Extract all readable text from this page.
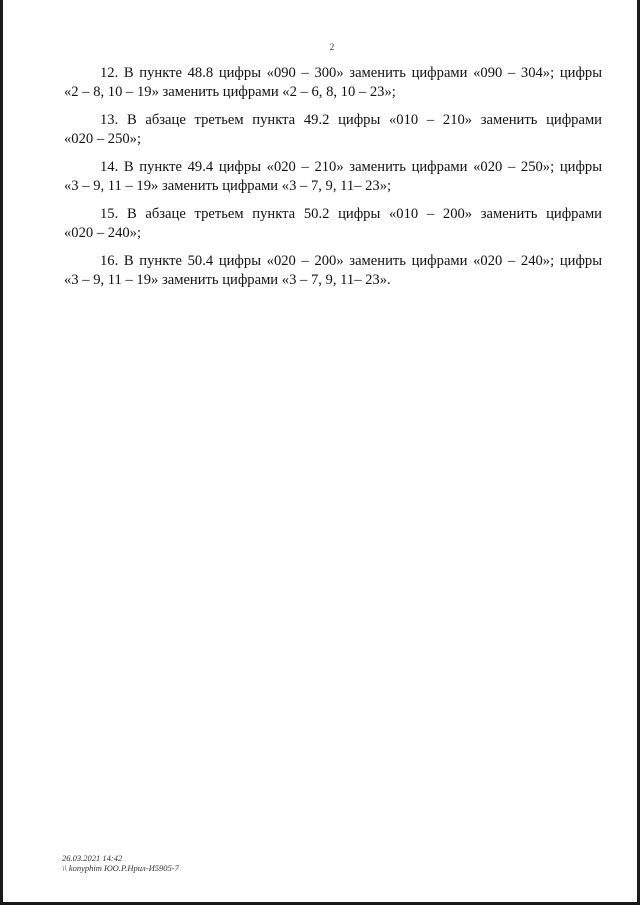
2

12. В пункте 48.8 цифры «090 – 300» заменить цифрами «090 – 304»; цифры
«2 – 8, 10 – 19» заменить цифрами «2 – 6, 8, 10 – 23»;

13. В абзаце третьем пункта 49.2 цифры «010 – 210» заменить цифрами
«020 – 250»;

14. В пункте 49.4 цифры «020 – 210» заменить цифрами «020 – 250»; цифры
«3 – 9, 11 – 19» заменить цифрами «3 – 7, 9, 11– 23»;

15. В абзаце третьем пункта 50.2 цифры «010 – 200» заменить цифрами
«020 – 240»;

16. В пункте 50.4 цифры «020 – 200» заменить цифрами «020 – 240»; цифры
«3 – 9, 11 – 19» заменить цифрами «3 – 7, 9, 11– 23».

26.03.2021 14:42
\\ konyphim ЮО.Р.Нрил-И5905-7
